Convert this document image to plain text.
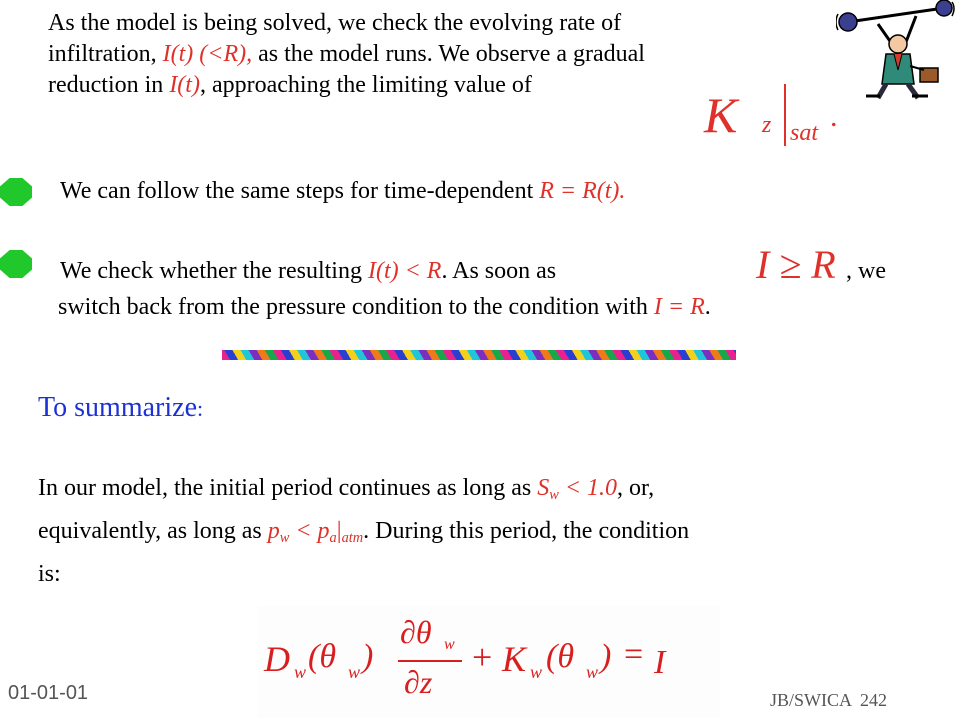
As the model is being solved, we check the evolving rate of
infiltration, I(t) (<R), as the model runs. We observe a gradual
reduction in I(t), approaching the limiting value of
K z sat .
We can follow the same steps for time-dependent R = R(t).
We check whether the resulting I(t) < R. As soon as	I ≥ R , we
switch back from the pressure condition to the condition with I = R.
To summarize:
In our model, the initial period continues as long as $S_w < 1.0$, or,
equivalently, as long as $p_w < p_a|_{atm}$. During this period, the condition
is:
D w (θ w )
∂θ w
∂z
+ K w (θ w ) = I
01-01-01	JB/SWICA  242
